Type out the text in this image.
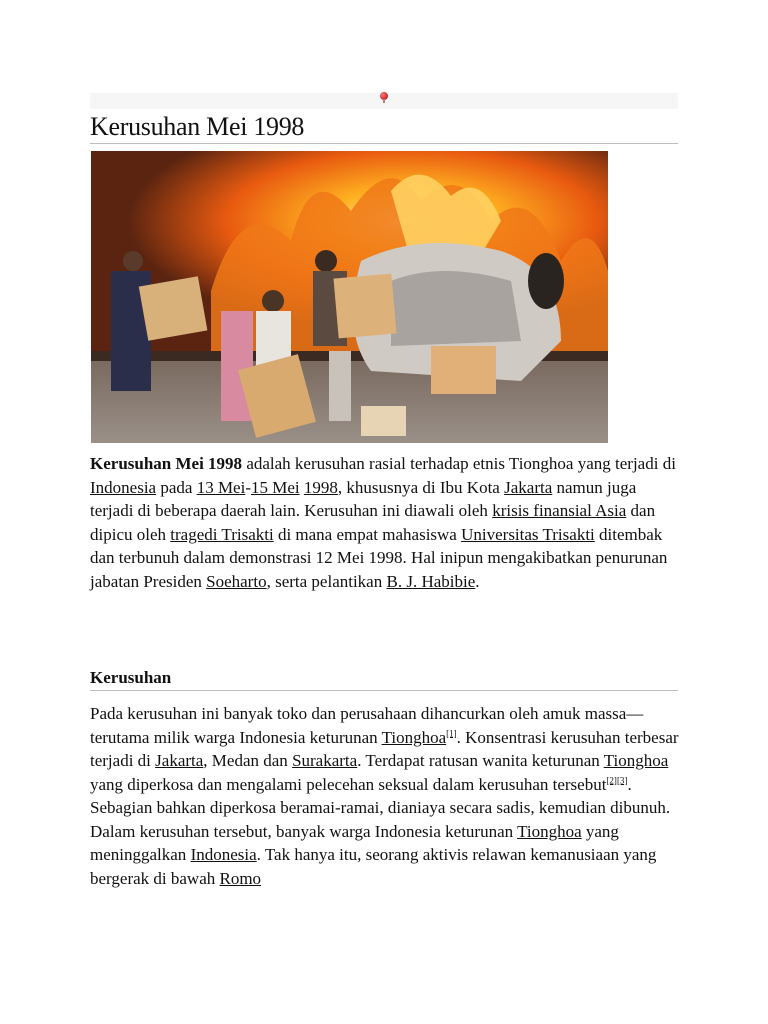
Kerusuhan Mei 1998

Kerusuhan Mei 1998 adalah kerusuhan rasial terhadap etnis Tionghoa yang terjadi di Indonesia pada 13 Mei-15 Mei 1998, khususnya di Ibu Kota Jakarta namun juga terjadi di beberapa daerah lain. Kerusuhan ini diawali oleh krisis finansial Asia dan dipicu oleh tragedi Trisakti di mana empat mahasiswa Universitas Trisakti ditembak dan terbunuh dalam demonstrasi 12 Mei 1998. Hal inipun mengakibatkan penurunan jabatan Presiden Soeharto, serta pelantikan B. J. Habibie.

Kerusuhan

Pada kerusuhan ini banyak toko dan perusahaan dihancurkan oleh amuk massa—terutama milik warga Indonesia keturunan Tionghoa[1]. Konsentrasi kerusuhan terbesar terjadi di Jakarta, Medan dan Surakarta. Terdapat ratusan wanita keturunan Tionghoa yang diperkosa dan mengalami pelecehan seksual dalam kerusuhan tersebut[2][3]. Sebagian bahkan diperkosa beramai-ramai, dianiaya secara sadis, kemudian dibunuh. Dalam kerusuhan tersebut, banyak warga Indonesia keturunan Tionghoa yang meninggalkan Indonesia. Tak hanya itu, seorang aktivis relawan kemanusiaan yang bergerak di bawah Romo
